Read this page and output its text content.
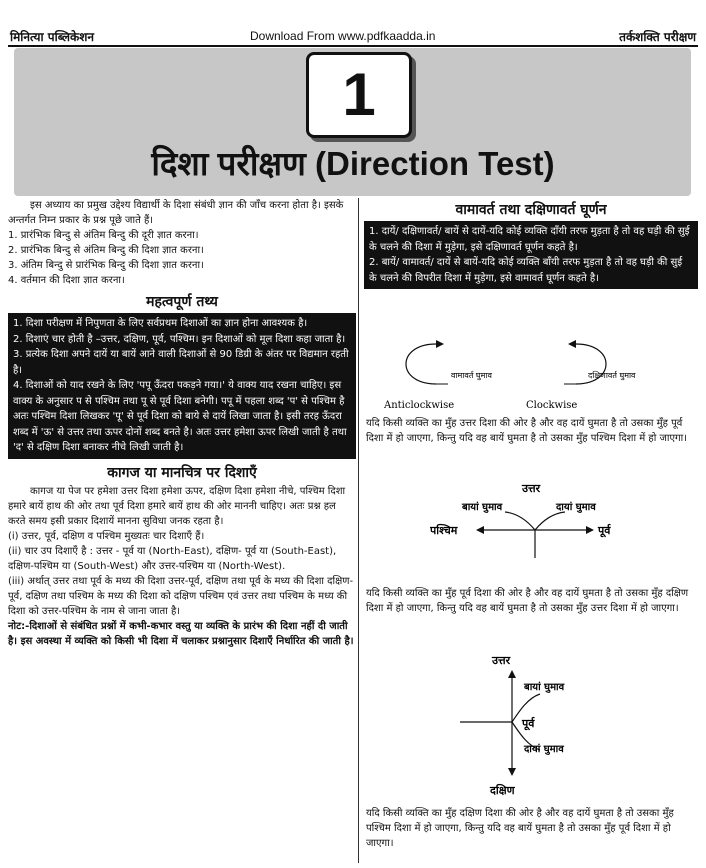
मिनित्या पब्लिकेशन	Download From www.pdfkaadda.in	तर्कशक्ति परीक्षण
1
दिशा परीक्षण (Direction Test)

इस अध्याय का प्रमुख उद्देश्य विद्यार्थी के दिशा संबंधी ज्ञान की जाँच करना होता है। इसके अन्तर्गत निम्न प्रकार के प्रश्न पूछे जाते हैं।

1. प्रारंभिक बिन्दु से अंतिम बिन्दु की दूरी ज्ञात करना।

2. प्रारंभिक बिन्दु से अंतिम बिन्दु की दिशा ज्ञात करना।

3. अंतिम बिन्दु से प्रारंभिक बिन्दु की दिशा ज्ञात करना।

4. वर्तमान की दिशा ज्ञात करना।

महत्वपूर्ण तथ्य

1. दिशा परीक्षण में निपुणता के लिए सर्वप्रथम दिशाओं का ज्ञान होना आवश्यक है।

2. दिशाएं चार होती है –उत्तर, दक्षिण, पूर्व, पश्चिम। इन दिशाओं को मूल दिशा कहा जाता है।

3. प्रत्येक दिशा अपने दायें या बायें आने वाली दिशाओं से 90 डिग्री के अंतर पर विद्यमान रहती है।

4. दिशाओं को याद रखने के लिए 'पपू ऊँदरा पकड़ने गया।' ये वाक्य याद रखना चाहिए। इस वाक्य के अनुसार प से पश्चिम तथा पू से पूर्व दिशा बनेगी। पपू में पहला शब्द 'प' से पश्चिम है अतः पश्चिम दिशा लिखकर 'पू' से पूर्व दिशा को बाये से दायें लिखा जाता है। इसी तरह ऊँदरा शब्द में 'ऊ' से उत्तर तथा ऊपर दोनों शब्द बनते है। अतः उत्तर हमेशा ऊपर लिखी जाती है तथा 'द' से दक्षिण दिशा बनाकर नीचे लिखी जाती है।

कागज या मानचित्र पर दिशाएँ

कागज या पेज पर हमेशा उत्तर दिशा हमेशा ऊपर, दक्षिण दिशा हमेशा नीचे, पश्चिम दिशा हमारे बायें हाथ की ओर तथा पूर्व दिशा हमारे बायें हाथ की ओर माननी चाहिए। अतः प्रश्न हल करते समय इसी प्रकार दिशायें मानना सुविधा जनक रहता है।

(i) उत्तर, पूर्व, दक्षिण व पश्चिम मुख्यतः चार दिशाएँ हैं।

(ii) चार उप दिशाएँ है : उत्तर - पूर्व या (North-East), दक्षिण- पूर्व या (South-East), दक्षिण-पश्चिम या (South-West) और उत्तर-पश्चिम या (North-West).

(iii) अर्थात् उत्तर तथा पूर्व के मध्य की दिशा उत्तर-पूर्व, दक्षिण तथा पूर्व के मध्य की दिशा दक्षिण-पूर्व, दक्षिण तथा पश्चिम के मध्य की दिशा को दक्षिण पश्चिम एवं उत्तर तथा पश्चिम के मध्य की दिशा को उत्तर-पश्चिम के नाम से जाना जाता है।

नोट:-दिशाओं से संबंधित प्रश्नों में कभी-कभार वस्तु या व्यक्ति के प्रारंभ की दिशा नहीं दी जाती है। इस अवस्था में व्यक्ति को किसी भी दिशा में चलाकर प्रश्नानुसार दिशाएँ निर्धारित की जाती है।

वामावर्त तथा दक्षिणावर्त घूर्णन

1. दायें/ दक्षिणावर्त/ बायें से दायें-यदि कोई व्यक्ति दाँयी तरफ मुड़ता है तो वह घड़ी की सुई के चलने की दिशा में मुड़ेगा, इसे दक्षिणावर्त घूर्णन कहते है।

2. बायें/ वामावर्त/ दायें से बायें-यदि कोई व्यक्ति बाँयी तरफ मुड़ता है तो वह घड़ी की सुई के चलने की विपरीत दिशा में मुड़ेगा, इसे वामावर्त घूर्णन कहते है।

वामावर्त घुमाव	दक्षिणावर्त घुमाव
Anticlockwise	Clockwise

यदि किसी व्यक्ति का मुँह उत्तर दिशा की ओर है और वह दायें घुमता है तो उसका मुँह पूर्व दिशा में हो जाएगा, किन्तु यदि वह बायें घुमता है तो उसका मुँह पश्चिम दिशा में हो जाएगा।

उत्तर
बायां घुमाव	दायां घुमाव
पश्चिम	पूर्व

यदि किसी व्यक्ति का मुँह पूर्व दिशा की ओर है और वह दायें घुमता है तो उसका मुँह दक्षिण दिशा में हो जाएगा, किन्तु यदि वह बायें घुमता है तो उसका मुँह उत्तर दिशा में हो जाएगा।

उत्तर
बायां घुमाव
पूर्व
दायां घुमाव
दक्षिण

यदि किसी व्यक्ति का मुँह दक्षिण दिशा की ओर है और वह दायें घुमता है तो उसका मुँह पश्चिम दिशा में हो जाएगा, किन्तु यदि वह बायें घुमता है तो उसका मुँह पूर्व दिशा में हो जाएगा।
